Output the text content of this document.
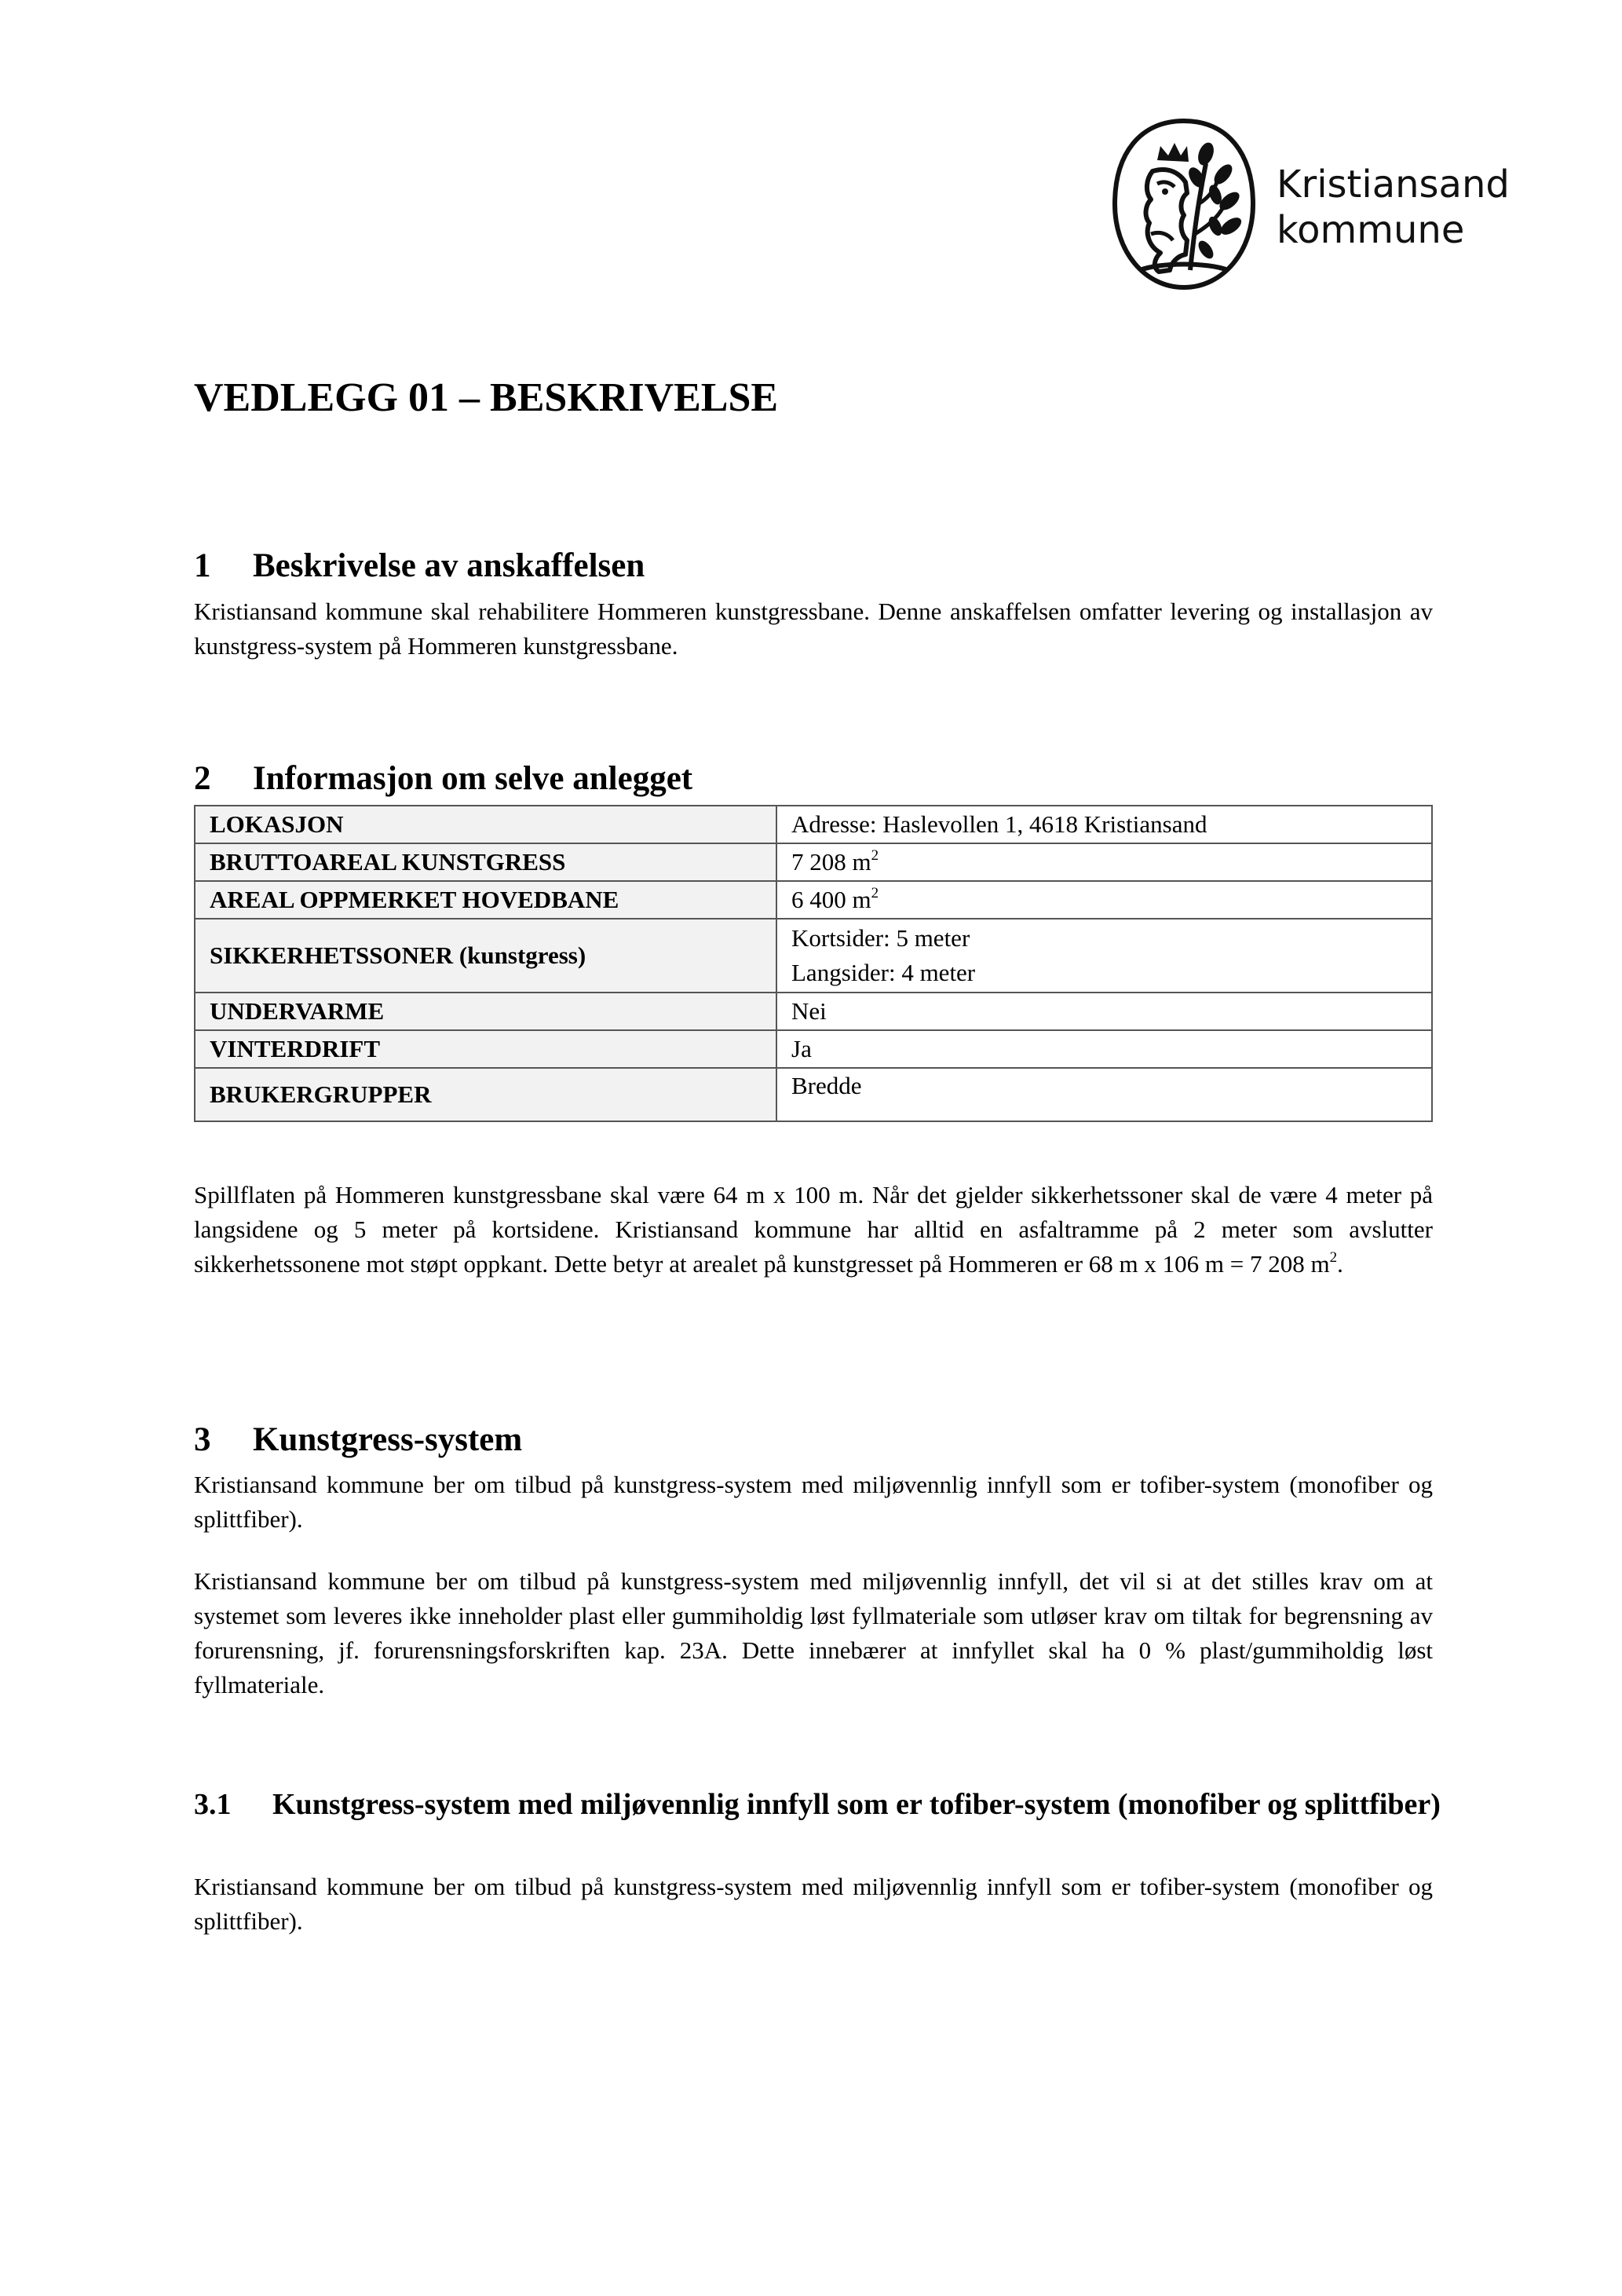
Kristiansand
kommune
VEDLEGG 01 – BESKRIVELSE
1 Beskrivelse av anskaffelsen

Kristiansand kommune skal rehabilitere Hommeren kunstgressbane. Denne anskaffelsen omfatter levering og installasjon av kunstgress-system på Hommeren kunstgressbane.

2 Informasjon om selve anlegget
LOKASJON	Adresse: Haslevollen 1, 4618 Kristiansand
BRUTTOAREAL KUNSTGRESS	7 208 $m^2$
AREAL OPPMERKET HOVEDBANE	6 400 $m^2$
SIKKERHETSSONER (kunstgress)	Kortsider: 5 meter
Langsider: 4 meter

UNDERVARME	Nei
VINTERDRIFT	Ja
BRUKERGRUPPER	Bredde

Spillflaten på Hommeren kunstgressbane skal være 64 m x 100 m. Når det gjelder sikkerhetssoner skal de være 4 meter på langsidene og 5 meter på kortsidene. Kristiansand kommune har alltid en asfaltramme på 2 meter som avslutter sikkerhetssonene mot støpt oppkant. Dette betyr at arealet på kunstgresset på Hommeren er 68 m x 106 m = 7 208 $m^2$.

3 Kunstgress-system

Kristiansand kommune ber om tilbud på kunstgress-system med miljøvennlig innfyll som er tofiber-system (monofiber og splittfiber).

Kristiansand kommune ber om tilbud på kunstgress-system med miljøvennlig innfyll, det vil si at det stilles krav om at systemet som leveres ikke inneholder plast eller gummiholdig løst fyllmateriale som utløser krav om tiltak for begrensning av forurensning, jf. forurensningsforskriften kap. 23A. Dette innebærer at innfyllet skal ha 0 % plast/gummiholdig løst fyllmateriale.

3.1 Kunstgress-system med miljøvennlig innfyll som er tofiber-system (monofiber og splittfiber)

Kristiansand kommune ber om tilbud på kunstgress-system med miljøvennlig innfyll som er tofiber-system (monofiber og splittfiber).
